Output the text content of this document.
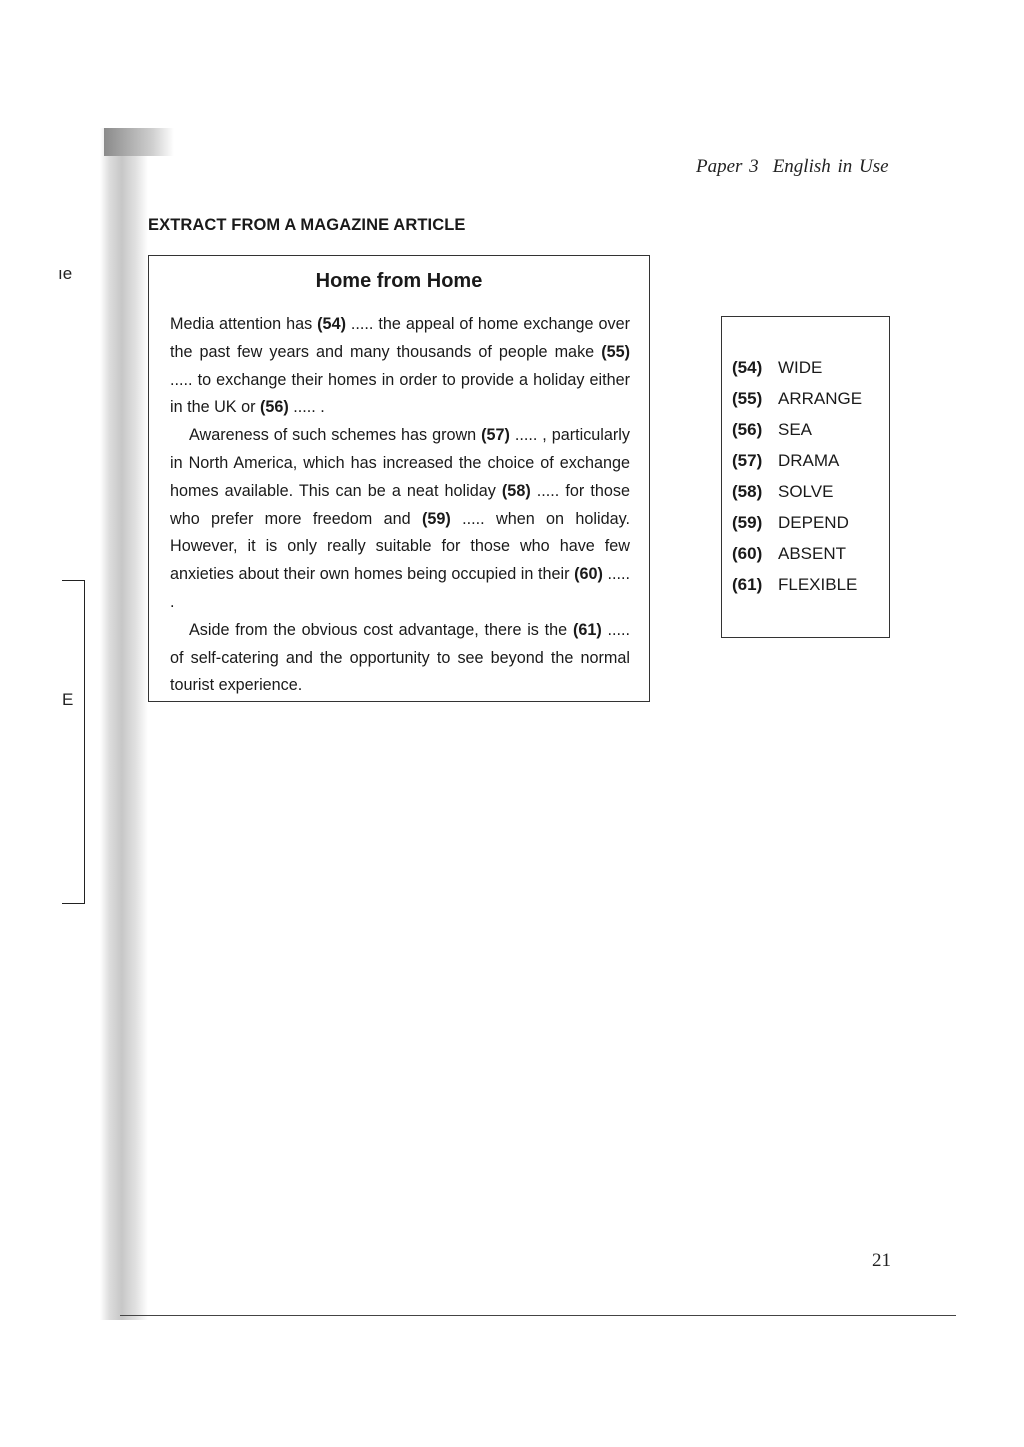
ıe
E
Paper 3 English in Use
EXTRACT FROM A MAGAZINE ARTICLE
Home from Home

Media attention has (54) ..... the appeal of home exchange over the past few years and many thousands of people make (55) ..... to exchange their homes in order to provide a holiday either in the UK or (56) ..... .

Awareness of such schemes has grown (57) ..... , particularly in North America, which has increased the choice of exchange homes available. This can be a neat holiday (58) ..... for those who prefer more freedom and (59) ..... when on holiday. However, it is only really suitable for those who have few anxieties about their own homes being occupied in their (60) ..... .

Aside from the obvious cost advantage, there is the (61) ..... of self-catering and the opportunity to see beyond the normal tourist experience.

(54) WIDE
(55) ARRANGE
(56) SEA
(57) DRAMA
(58) SOLVE
(59) DEPEND
(60) ABSENT
(61) FLEXIBLE
21
